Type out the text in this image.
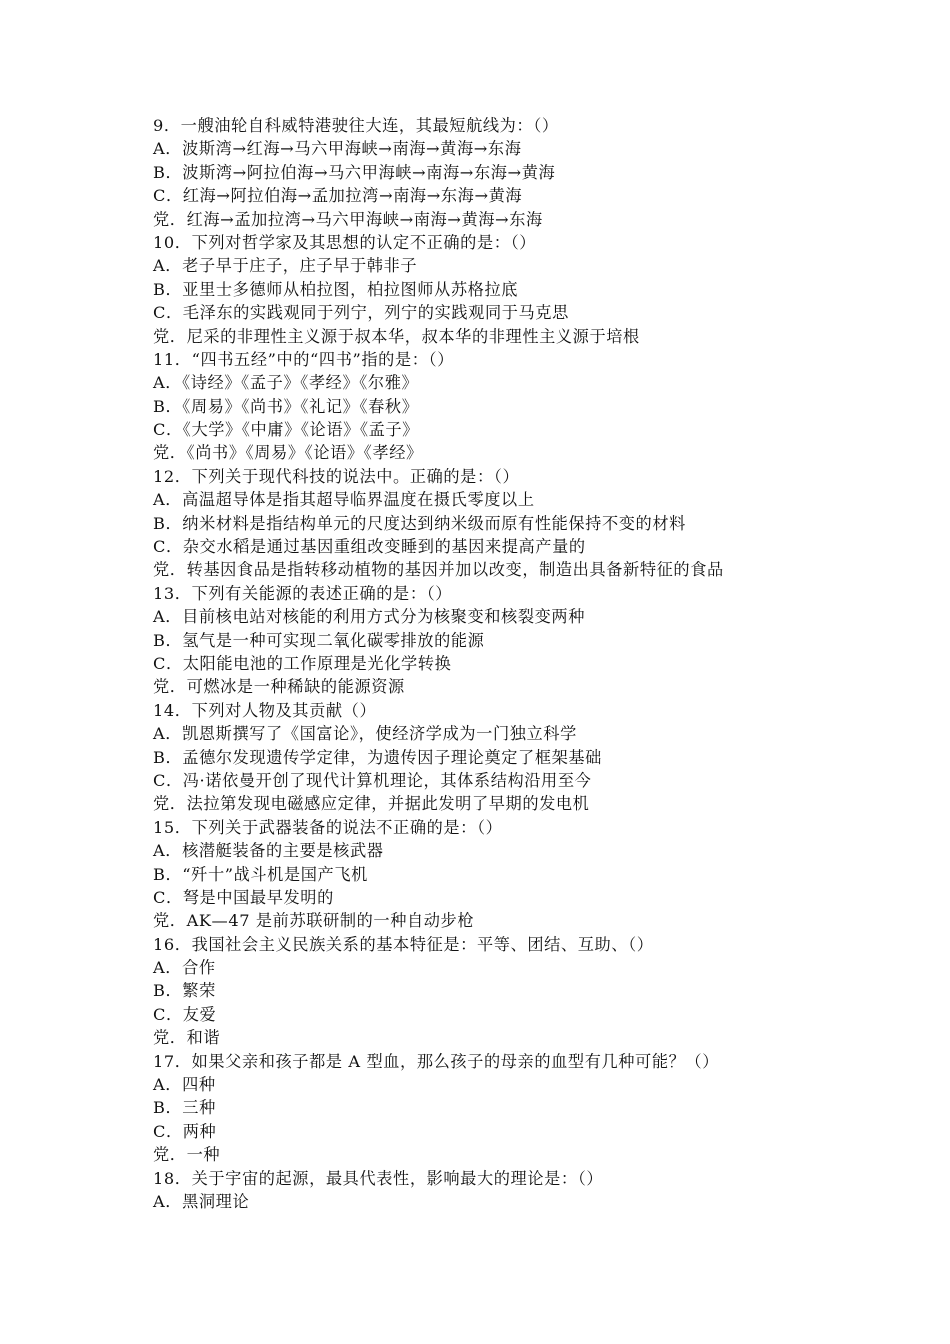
9．一艘油轮自科威特港驶往大连，其最短航线为：（）
A．波斯湾→红海→马六甲海峡→南海→黄海→东海
B．波斯湾→阿拉伯海→马六甲海峡→南海→东海→黄海
C．红海→阿拉伯海→孟加拉湾→南海→东海→黄海
党．红海→孟加拉湾→马六甲海峡→南海→黄海→东海
10．下列对哲学家及其思想的认定不正确的是：（）
A．老子早于庄子，庄子早于韩非子
B．亚里士多德师从柏拉图，柏拉图师从苏格拉底
C．毛泽东的实践观同于列宁，列宁的实践观同于马克思
党．尼采的非理性主义源于叔本华，叔本华的非理性主义源于培根
11．“四书五经”中的“四书”指的是：（）
A．《诗经》《孟子》《孝经》《尔雅》
B．《周易》《尚书》《礼记》《春秋》
C．《大学》《中庸》《论语》《孟子》
党．《尚书》《周易》《论语》《孝经》
12．下列关于现代科技的说法中。正确的是：（）
A．高温超导体是指其超导临界温度在摄氏零度以上
B．纳米材料是指结构单元的尺度达到纳米级而原有性能保持不变的材料
C．杂交水稻是通过基因重组改变睡到的基因来提高产量的
党．转基因食品是指转移动植物的基因并加以改变，制造出具备新特征的食品
13．下列有关能源的表述正确的是：（）
A．目前核电站对核能的利用方式分为核聚变和核裂变两种
B．氢气是一种可实现二氧化碳零排放的能源
C．太阳能电池的工作原理是光化学转换
党．可燃冰是一种稀缺的能源资源
14．下列对人物及其贡献（）
A．凯恩斯撰写了《国富论》，使经济学成为一门独立科学
B．孟德尔发现遗传学定律，为遗传因子理论奠定了框架基础
C．冯·诺依曼开创了现代计算机理论，其体系结构沿用至今
党．法拉第发现电磁感应定律，并据此发明了早期的发电机
15．下列关于武器装备的说法不正确的是：（）
A．核潜艇装备的主要是核武器
B．“歼十”战斗机是国产飞机
C．弩是中国最早发明的
党．AK—47 是前苏联研制的一种自动步枪
16．我国社会主义民族关系的基本特征是：平等、团结、互助、（）
A．合作
B．繁荣
C．友爱
党．和谐
17．如果父亲和孩子都是 A 型血，那么孩子的母亲的血型有几种可能？（）
A．四种
B．三种
C．两种
党．一种
18．关于宇宙的起源，最具代表性，影响最大的理论是：（）
A．黑洞理论
